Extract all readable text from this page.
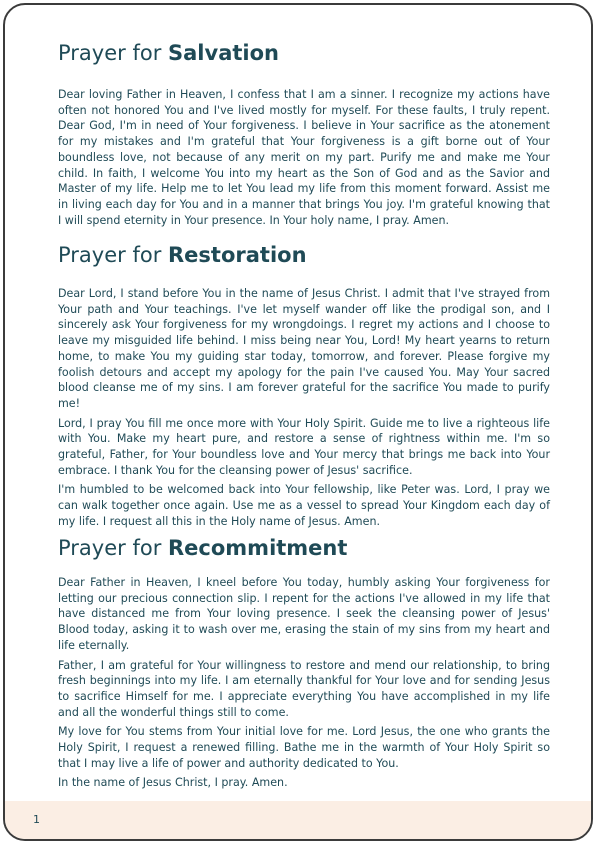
Prayer for Salvation

Dear loving Father in Heaven, I confess that I am a sinner. I recognize my actions have often not honored You and I've lived mostly for myself. For these faults, I truly repent. Dear God, I'm in need of Your forgiveness. I believe in Your sacrifice as the atonement for my mistakes and I'm grateful that Your forgiveness is a gift borne out of Your boundless love, not because of any merit on my part. Purify me and make me Your child. In faith, I welcome You into my heart as the Son of God and as the Savior and Master of my life. Help me to let You lead my life from this moment forward. Assist me in living each day for You and in a manner that brings You joy. I'm grateful knowing that I will spend eternity in Your presence. In Your holy name, I pray. Amen.

Prayer for Restoration

Dear Lord, I stand before You in the name of Jesus Christ. I admit that I've strayed from Your path and Your teachings. I've let myself wander off like the prodigal son, and I sincerely ask Your forgiveness for my wrongdoings. I regret my actions and I choose to leave my misguided life behind. I miss being near You, Lord! My heart yearns to return home, to make You my guiding star today, tomorrow, and forever. Please forgive my foolish detours and accept my apology for the pain I've caused You. May Your sacred blood cleanse me of my sins. I am forever grateful for the sacrifice You made to purify me!

Lord, I pray You fill me once more with Your Holy Spirit. Guide me to live a righteous life with You. Make my heart pure, and restore a sense of rightness within me. I'm so grateful, Father, for Your boundless love and Your mercy that brings me back into Your embrace. I thank You for the cleansing power of Jesus' sacrifice.

I'm humbled to be welcomed back into Your fellowship, like Peter was. Lord, I pray we can walk together once again. Use me as a vessel to spread Your Kingdom each day of my life. I request all this in the Holy name of Jesus. Amen.

Prayer for Recommitment

Dear Father in Heaven, I kneel before You today, humbly asking Your forgiveness for letting our precious connection slip. I repent for the actions I've allowed in my life that have distanced me from Your loving presence. I seek the cleansing power of Jesus' Blood today, asking it to wash over me, erasing the stain of my sins from my heart and life eternally.

Father, I am grateful for Your willingness to restore and mend our relationship, to bring fresh beginnings into my life. I am eternally thankful for Your love and for sending Jesus to sacrifice Himself for me. I appreciate everything You have accomplished in my life and all the wonderful things still to come.

My love for You stems from Your initial love for me. Lord Jesus, the one who grants the Holy Spirit, I request a renewed filling. Bathe me in the warmth of Your Holy Spirit so that I may live a life of power and authority dedicated to You.

In the name of Jesus Christ, I pray. Amen.

1
